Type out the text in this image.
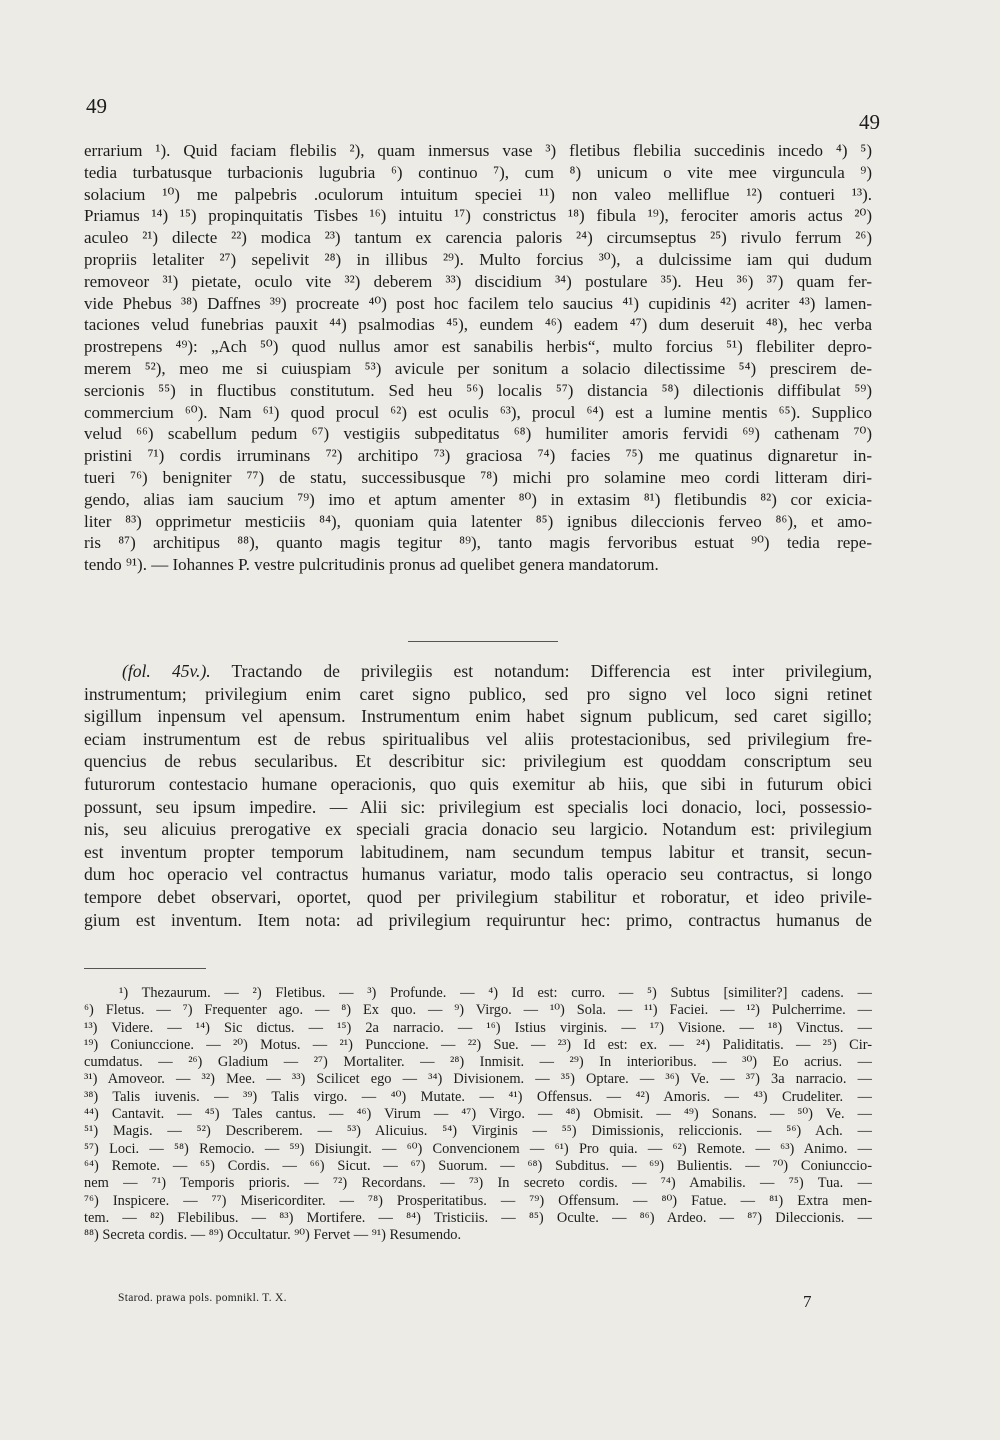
49
49
errarium ¹). Quid faciam flebilis ²), quam inmersus vase ³) fletibus flebilia succedinis incedo ⁴) ⁵)
tedia turbatusque turbacionis lugubria ⁶) continuo ⁷), cum ⁸) unicum o vite mee virguncula ⁹)
solacium ¹⁰) me palpebris .oculorum intuitum speciei ¹¹) non valeo melliflue ¹²) contueri ¹³).
Priamus ¹⁴) ¹⁵) propinquitatis Tisbes ¹⁶) intuitu ¹⁷) constrictus ¹⁸) fibula ¹⁹), ferociter amoris actus ²⁰)
aculeo ²¹) dilecte ²²) modica ²³) tantum ex carencia paloris ²⁴) circumseptus ²⁵) rivulo ferrum ²⁶)
propriis letaliter ²⁷) sepelivit ²⁸) in illibus ²⁹). Multo forcius ³⁰), a dulcissime iam qui dudum
removeor ³¹) pietate, oculo vite ³²) deberem ³³) discidium ³⁴) postulare ³⁵). Heu ³⁶) ³⁷) quam fer-
vide Phebus ³⁸) Daffnes ³⁹) procreate ⁴⁰) post hoc facilem telo saucius ⁴¹) cupidinis ⁴²) acriter ⁴³) lamen-
taciones velud funebrias pauxit ⁴⁴) psalmodias ⁴⁵), eundem ⁴⁶) eadem ⁴⁷) dum deseruit ⁴⁸), hec verba
prostrepens ⁴⁹): „Ach ⁵⁰) quod nullus amor est sanabilis herbis“, multo forcius ⁵¹) flebiliter depro-
merem ⁵²), meo me si cuiuspiam ⁵³) avicule per sonitum a solacio dilectissime ⁵⁴) prescirem de-
sercionis ⁵⁵) in fluctibus constitutum. Sed heu ⁵⁶) localis ⁵⁷) distancia ⁵⁸) dilectionis diffibulat ⁵⁹)
commercium ⁶⁰). Nam ⁶¹) quod procul ⁶²) est oculis ⁶³), procul ⁶⁴) est a lumine mentis ⁶⁵). Supplico
velud ⁶⁶) scabellum pedum ⁶⁷) vestigiis subpeditatus ⁶⁸) humiliter amoris fervidi ⁶⁹) cathenam ⁷⁰)
pristini ⁷¹) cordis irruminans ⁷²) architipo ⁷³) graciosa ⁷⁴) facies ⁷⁵) me quatinus dignaretur in-
tueri ⁷⁶) benigniter ⁷⁷) de statu, successibusque ⁷⁸) michi pro solamine meo cordi litteram diri-
gendo, alias iam saucium ⁷⁹) imo et aptum amenter ⁸⁰) in extasim ⁸¹) fletibundis ⁸²) cor exicia-
liter ⁸³) opprimetur mesticiis ⁸⁴), quoniam quia latenter ⁸⁵) ignibus dileccionis ferveo ⁸⁶), et amo-
ris ⁸⁷) architipus ⁸⁸), quanto magis tegitur ⁸⁹), tanto magis fervoribus estuat ⁹⁰) tedia repe-
tendo ⁹¹). — Iohannes P. vestre pulcritudinis pronus ad quelibet genera mandatorum.
(fol. 45v.). Tractando de privilegiis est notandum: Differencia est inter privilegium,
instrumentum; privilegium enim caret signo publico, sed pro signo vel loco signi retinet
sigillum inpensum vel apensum. Instrumentum enim habet signum publicum, sed caret sigillo;
eciam instrumentum est de rebus spiritualibus vel aliis protestacionibus, sed privilegium fre-
quencius de rebus secularibus. Et describitur sic: privilegium est quoddam conscriptum seu
futurorum contestacio humane operacionis, quo quis exemitur ab hiis, que sibi in futurum obici
possunt, seu ipsum impedire. — Alii sic: privilegium est specialis loci donacio, loci, possessio-
nis, seu alicuius prerogative ex speciali gracia donacio seu largicio. Notandum est: privilegium
est inventum propter temporum labitudinem, nam secundum tempus labitur et transit, secun-
dum hoc operacio vel contractus humanus variatur, modo talis operacio seu contractus, si longo
tempore debet observari, oportet, quod per privilegium stabilitur et roboratur, et ideo privile-
gium est inventum. Item nota: ad privilegium requiruntur hec: primo, contractus humanus de
¹) Thezaurum. — ²) Fletibus. — ³) Profunde. — ⁴) Id est: curro. — ⁵) Subtus [similiter?] cadens. —
⁶) Fletus. — ⁷) Frequenter ago. — ⁸) Ex quo. — ⁹) Virgo. — ¹⁰) Sola. — ¹¹) Faciei. — ¹²) Pulcherrime. —
¹³) Videre. — ¹⁴) Sic dictus. — ¹⁵) 2a narracio. — ¹⁶) Istius virginis. — ¹⁷) Visione. — ¹⁸) Vinctus. —
¹⁹) Coniunccione. — ²⁰) Motus. — ²¹) Punccione. — ²²) Sue. — ²³) Id est: ex. — ²⁴) Paliditatis. — ²⁵) Cir-
cumdatus. — ²⁶) Gladium — ²⁷) Mortaliter. — ²⁸) Inmisit. — ²⁹) In interioribus. — ³⁰) Eo acrius. —
³¹) Amoveor. — ³²) Mee. — ³³) Scilicet ego — ³⁴) Divisionem. — ³⁵) Optare. — ³⁶) Ve. — ³⁷) 3a narracio. —
³⁸) Talis iuvenis. — ³⁹) Talis virgo. — ⁴⁰) Mutate. — ⁴¹) Offensus. — ⁴²) Amoris. — ⁴³) Crudeliter. —
⁴⁴) Cantavit. — ⁴⁵) Tales cantus. — ⁴⁶) Virum — ⁴⁷) Virgo. — ⁴⁸) Obmisit. — ⁴⁹) Sonans. — ⁵⁰) Ve. —
⁵¹) Magis. — ⁵²) Describerem. — ⁵³) Alicuius. ⁵⁴) Virginis — ⁵⁵) Dimissionis, reliccionis. — ⁵⁶) Ach. —
⁵⁷) Loci. — ⁵⁸) Remocio. — ⁵⁹) Disiungit. — ⁶⁰) Convencionem — ⁶¹) Pro quia. — ⁶²) Remote. — ⁶³) Animo. —
⁶⁴) Remote. — ⁶⁵) Cordis. — ⁶⁶) Sicut. — ⁶⁷) Suorum. — ⁶⁸) Subditus. — ⁶⁹) Bulientis. — ⁷⁰) Coniunccio-
nem — ⁷¹) Temporis prioris. — ⁷²) Recordans. — ⁷³) In secreto cordis. — ⁷⁴) Amabilis. — ⁷⁵) Tua. —
⁷⁶) Inspicere. — ⁷⁷) Misericorditer. — ⁷⁸) Prosperitatibus. — ⁷⁹) Offensum. — ⁸⁰) Fatue. — ⁸¹) Extra men-
tem. — ⁸²) Flebilibus. — ⁸³) Mortifere. — ⁸⁴) Tristiciis. — ⁸⁵) Oculte. — ⁸⁶) Ardeo. — ⁸⁷) Dileccionis. —
⁸⁸) Secreta cordis. — ⁸⁹) Occultatur. ⁹⁰) Fervet — ⁹¹) Resumendo.
Starod. prawa pols. pomnikl. T. X.	7
